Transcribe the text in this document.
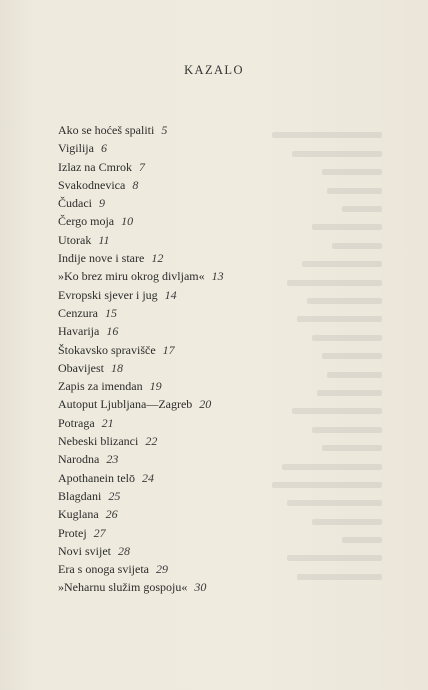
KAZALO
Ako se hoćeš spaliti 5
Vigilija 6
Izlaz na Cmrok 7
Svakodnevica 8
Čudaci 9
Čergo moja 10
Utorak 11
Indije nove i stare 12
»Ko brez miru okrog divljam« 13
Evropski sjever i jug 14
Cenzura 15
Havarija 16
Štokavsko spravišče 17
Obavijest 18
Zapis za imendan 19
Autoput Ljubljana—Zagreb 20
Potraga 21
Nebeski blizanci 22
Narodna 23
Apothanein telō 24
Blagdani 25
Kuglana 26
Protej 27
Novi svijet 28
Era s onoga svijeta 29
»Neharnu služim gospoju« 30
